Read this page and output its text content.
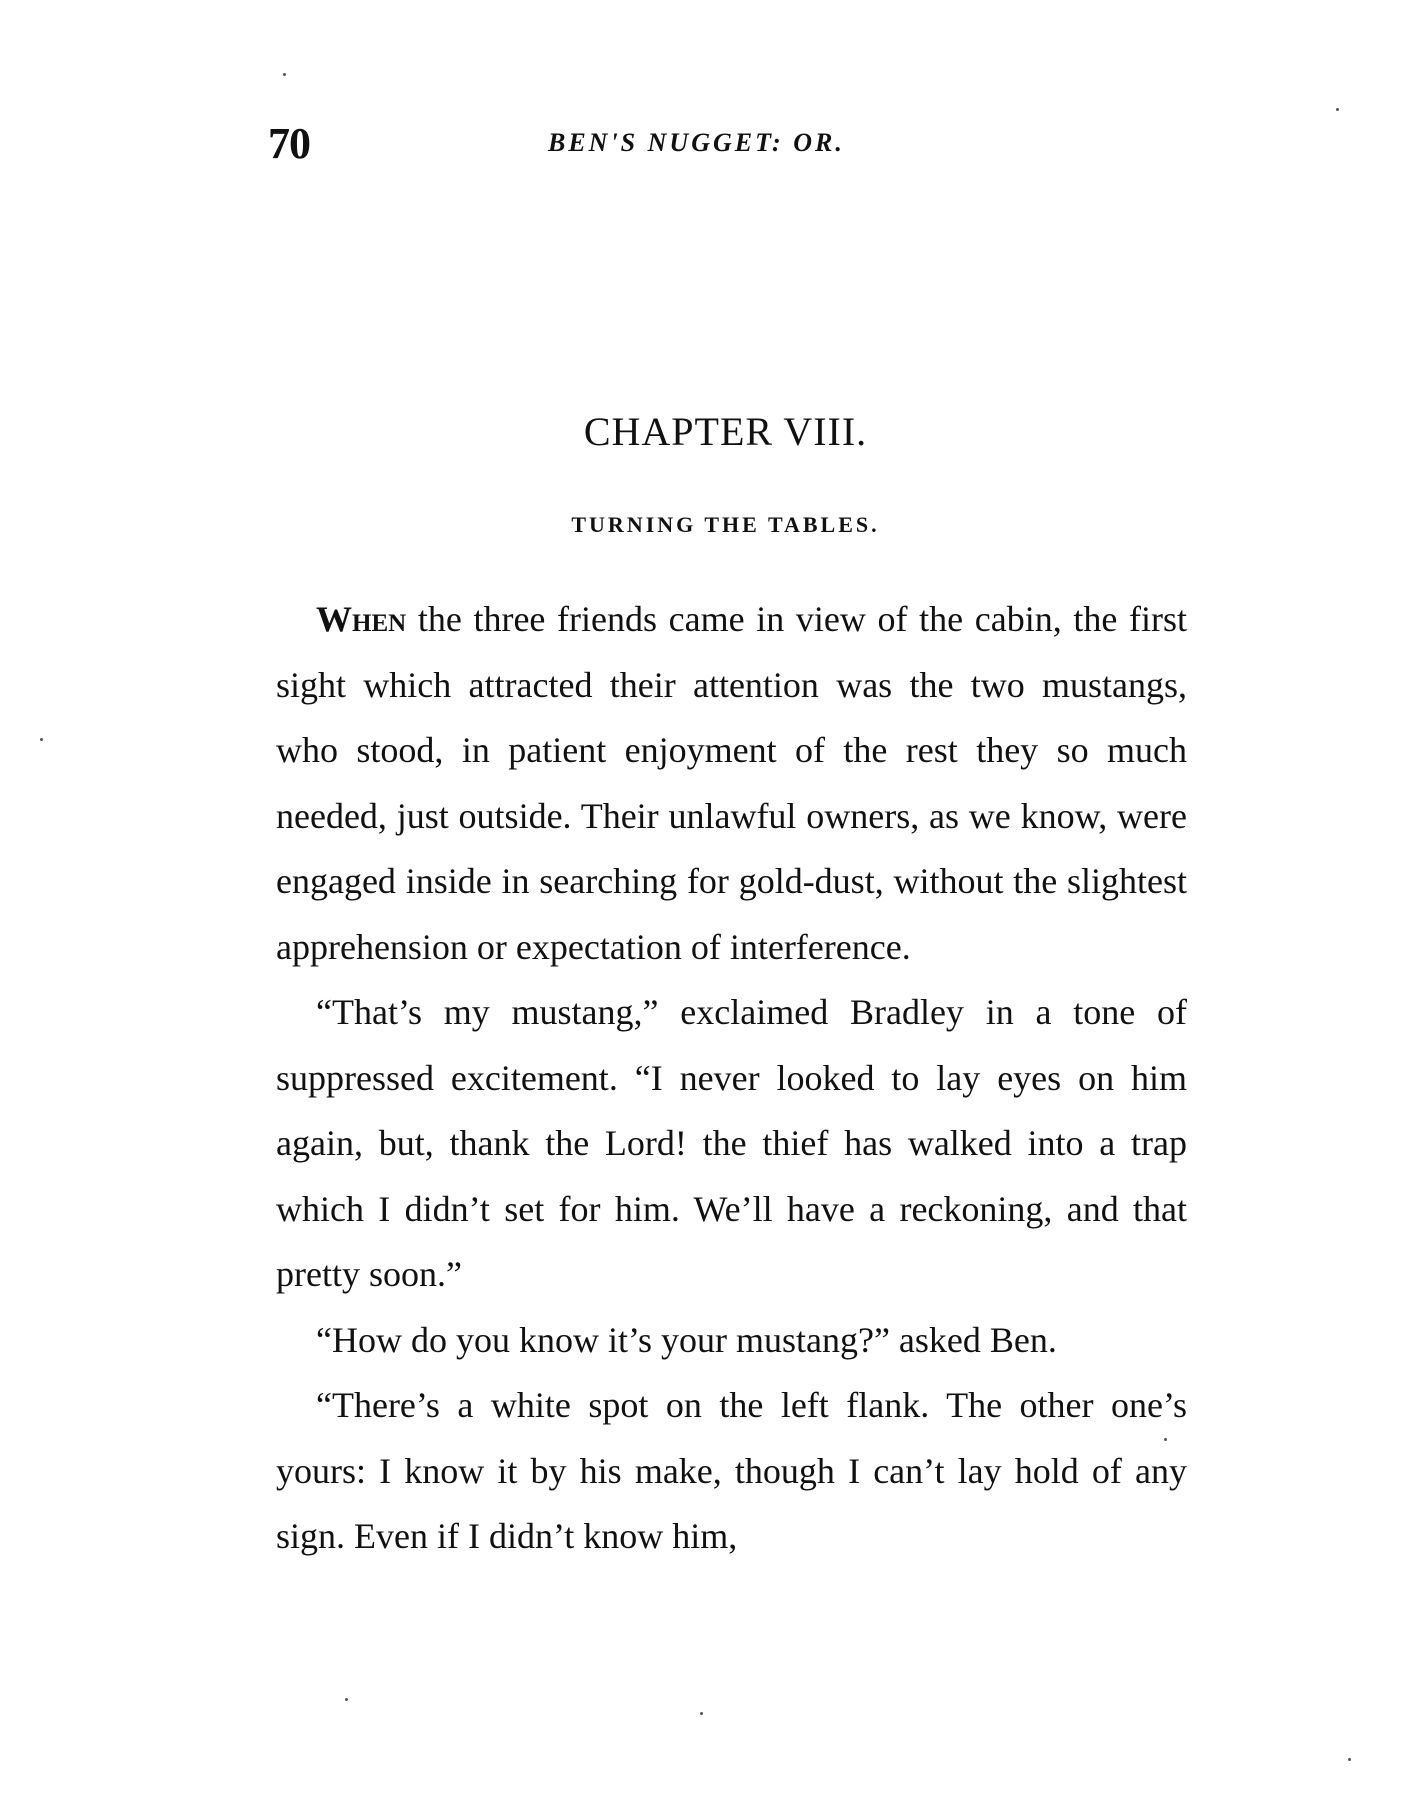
70	BEN'S NUGGET: OR.
CHAPTER VIII.
TURNING THE TABLES.

When the three friends came in view of the cabin, the first sight which attracted their attention was the two mustangs, who stood, in patient enjoyment of the rest they so much needed, just outside. Their unlawful owners, as we know, were engaged inside in searching for gold-dust, without the slightest apprehension or expectation of interference.

“That’s my mustang,” exclaimed Bradley in a tone of suppressed excitement. “I never looked to lay eyes on him again, but, thank the Lord! the thief has walked into a trap which I didn’t set for him. We’ll have a reckoning, and that pretty soon.”

“How do you know it’s your mustang?” asked Ben.

“There’s a white spot on the left flank. The other one’s yours: I know it by his make, though I can’t lay hold of any sign. Even if I didn’t know him,
